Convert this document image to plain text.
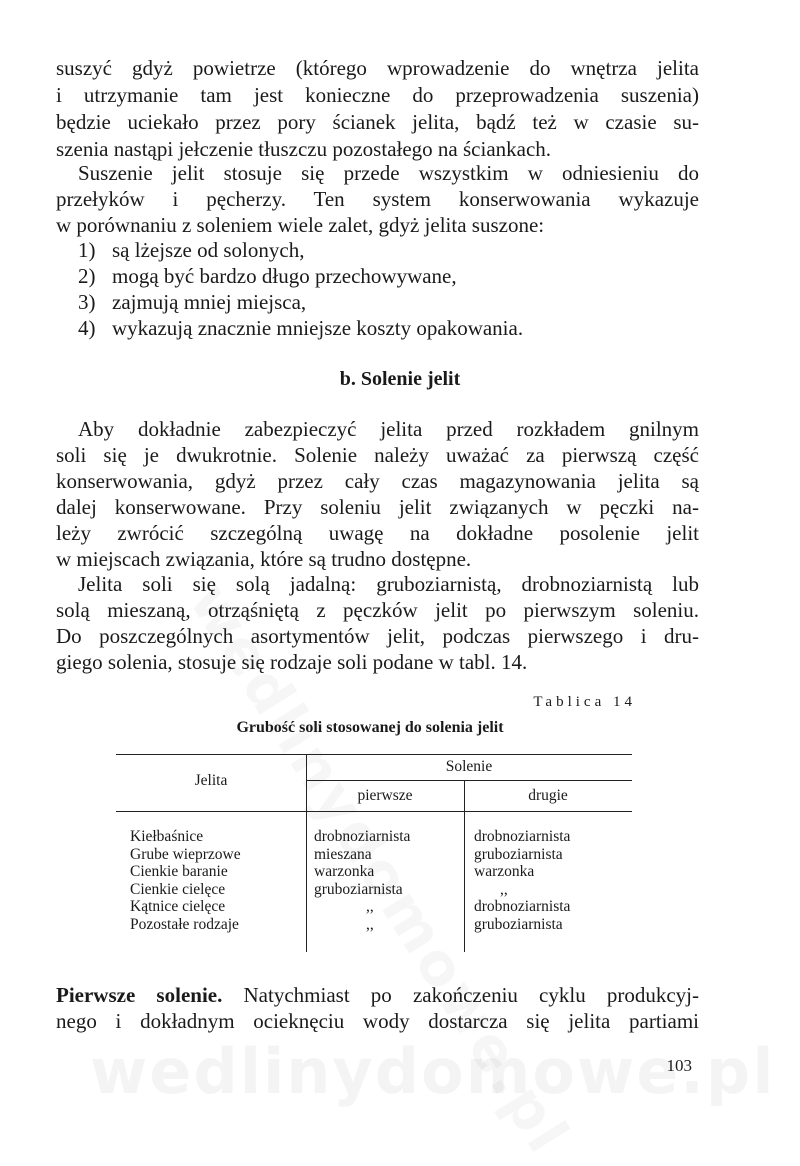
suszyć gdyż powietrze (którego wprowadzenie do wnętrza jelita
i utrzymanie tam jest konieczne do przeprowadzenia suszenia)
będzie uciekało przez pory ścianek jelita, bądź też w czasie su-
szenia nastąpi jełczenie tłuszczu pozostałego na ściankach.
Suszenie jelit stosuje się przede wszystkim w odniesieniu do
przełyków i pęcherzy. Ten system konserwowania wykazuje
w porównaniu z soleniem wiele zalet, gdyż jelita suszone:
1) są lżejsze od solonych,
2) mogą być bardzo długo przechowywane,
3) zajmują mniej miejsca,
4) wykazują znacznie mniejsze koszty opakowania.
b. Solenie jelit
Aby dokładnie zabezpieczyć jelita przed rozkładem gnilnym
soli się je dwukrotnie. Solenie należy uważać za pierwszą część
konserwowania, gdyż przez cały czas magazynowania jelita są
dalej konserwowane. Przy soleniu jelit związanych w pęczki na-
leży zwrócić szczególną uwagę na dokładne posolenie jelit
w miejscach związania, które są trudno dostępne.
Jelita soli się solą jadalną: gruboziarnistą, drobnoziarnistą lub
solą mieszaną, otrząśniętą z pęczków jelit po pierwszym soleniu.
Do poszczególnych asortymentów jelit, podczas pierwszego i dru-
giego solenia, stosuje się rodzaje soli podane w tabl. 14.
Tablica 14
Grubość soli stosowanej do solenia jelit
Jelita
Solenie
pierwsze	drugie
Kiełbaśnice
Grube wieprzowe
Cienkie baranie
Cienkie cielęce
Kątnice cielęce
Pozostałe rodzaje
drobnoziarnista
mieszana
warzonka
gruboziarnista
,,
,,
drobnoziarnista
gruboziarnista
warzonka
,,
drobnoziarnista
gruboziarnista
Pierwsze solenie. Natychmiast po zakończeniu cyklu produkcyj-
nego i dokładnym ocieknęciu wody dostarcza się jelita partiami
103
